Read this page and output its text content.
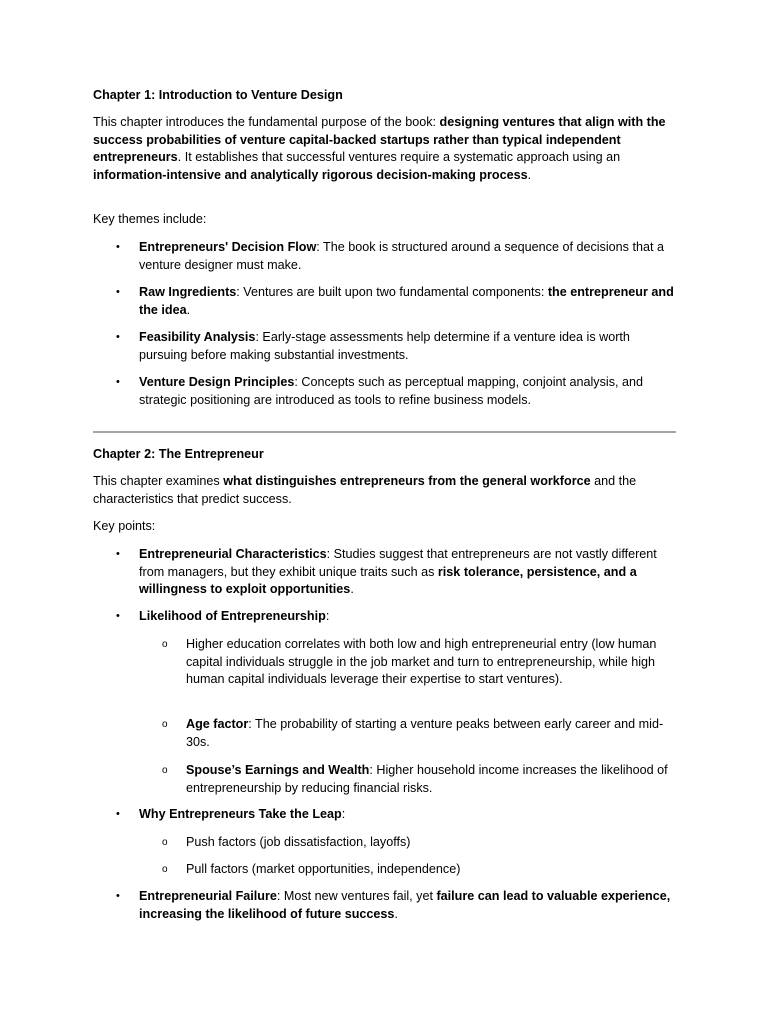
Chapter 1: Introduction to Venture Design

This chapter introduces the fundamental purpose of the book: designing ventures that align with the success probabilities of venture capital-backed startups rather than typical independent entrepreneurs. It establishes that successful ventures require a systematic approach using an information-intensive and analytically rigorous decision-making process.

Key themes include:

•	Entrepreneurs' Decision Flow: The book is structured around a sequence of decisions that a venture designer must make.

•	Raw Ingredients: Ventures are built upon two fundamental components: the entrepreneur and the idea.

•	Feasibility Analysis: Early-stage assessments help determine if a venture idea is worth pursuing before making substantial investments.

•	Venture Design Principles: Concepts such as perceptual mapping, conjoint analysis, and strategic positioning are introduced as tools to refine business models.

Chapter 2: The Entrepreneur

This chapter examines what distinguishes entrepreneurs from the general workforce and the characteristics that predict success.

Key points:

•	Entrepreneurial Characteristics: Studies suggest that entrepreneurs are not vastly different from managers, but they exhibit unique traits such as risk tolerance, persistence, and a willingness to exploit opportunities.

•	Likelihood of Entrepreneurship:

o	Higher education correlates with both low and high entrepreneurial entry (low human capital individuals struggle in the job market and turn to entrepreneurship, while high human capital individuals leverage their expertise to start ventures).

o	Age factor: The probability of starting a venture peaks between early career and mid-30s.

o	Spouse’s Earnings and Wealth: Higher household income increases the likelihood of entrepreneurship by reducing financial risks.

•	Why Entrepreneurs Take the Leap:

o	Push factors (job dissatisfaction, layoffs)

o	Pull factors (market opportunities, independence)

•	Entrepreneurial Failure: Most new ventures fail, yet failure can lead to valuable experience, increasing the likelihood of future success.
